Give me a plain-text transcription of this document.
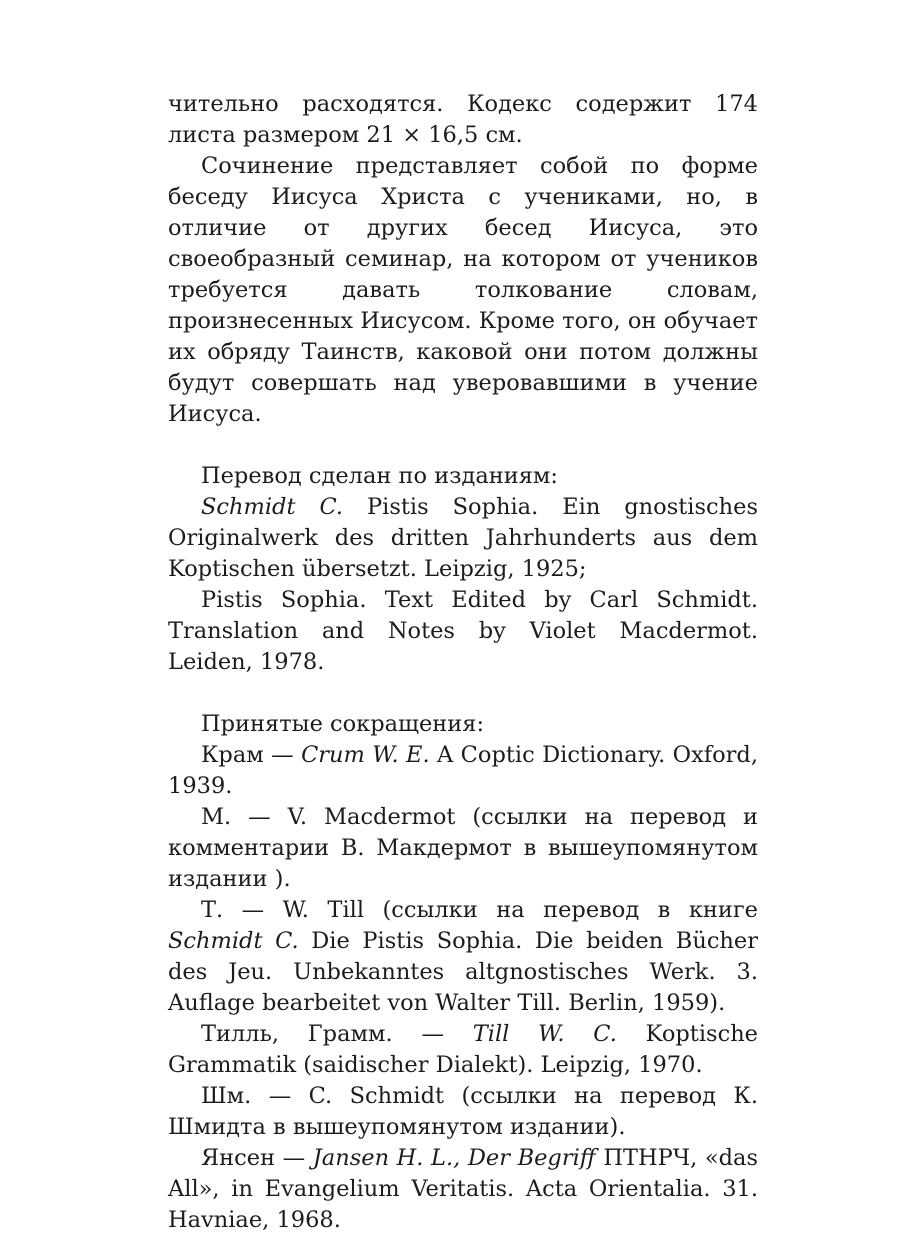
чительно расходятся. Кодекс содержит 174 листа размером 21 × 16,5 см.

Сочинение представляет собой по форме беседу Иисуса Христа с учениками, но, в отличие от других бесед Иисуса, это своеобразный семинар, на котором от учеников требуется давать толкование словам, произнесенных Иисусом. Кроме того, он обучает их обряду Таинств, каковой они потом должны будут совершать над уверовавшими в учение Иисуса.

Перевод сделан по изданиям:

Schmidt C. Pistis Sophia. Ein gnostisches Originalwerk des dritten Jahrhunderts aus dem Koptischen übersetzt. Leipzig, 1925;

Pistis Sophia. Text Edited by Carl Schmidt. Translation and Notes by Violet Macdermot. Leiden, 1978.

Принятые сокращения:

Крам — Crum W. E. A Coptic Dictionary. Oxford, 1939.

М. — V. Macdermot (ссылки на перевод и комментарии В. Макдермот в вышеупомянутом издании ).

Т. — W. Till (ссылки на перевод в книге Schmidt C. Die Pistis Sophia. Die beiden Bücher des Jeu. Unbekanntes altgnostisches Werk. 3. Auflage bearbeitet von Walter Till. Berlin, 1959).

Тилль, Грамм. — Till W. C. Koptische Grammatik (saidischer Dialekt). Leipzig, 1970.

Шм. — C. Schmidt (ссылки на перевод К. Шмидта в вышеупомянутом издании).

Янсен — Jansen H. L., Der Begriff ПТНРЧ, «das All», in Evangelium Veritatis. Acta Orientalia. 31. Havniae, 1968.
